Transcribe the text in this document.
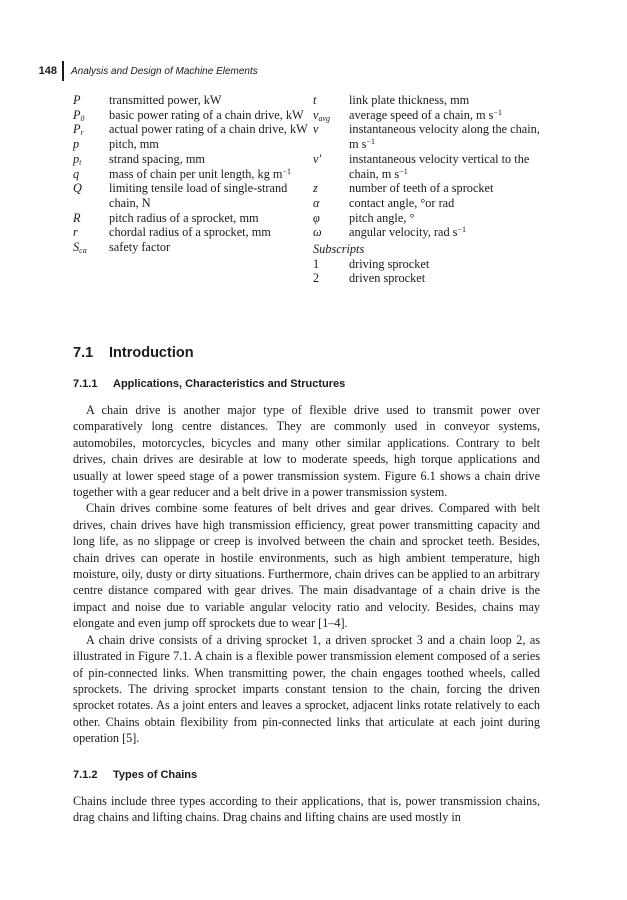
148	Analysis and Design of Machine Elements
P	transmitted power, kW
$P_0$	basic power rating of a chain drive, kW
$P_r$	actual power rating of a chain drive, kW
p	pitch, mm
$p_t$	strand spacing, mm
q	mass of chain per unit length, kg $m^{-1}$
Q	limiting tensile load of single-strand chain, N
R	pitch radius of a sprocket, mm
r	chordal radius of a sprocket, mm
$S_{ca}$	safety factor
t	link plate thickness, mm
$v_{avg}$	average speed of a chain, m $s^{-1}$
v	instantaneous velocity along the chain, m $s^{-1}$
v′	instantaneous velocity vertical to the chain, m $s^{-1}$
z	number of teeth of a sprocket
α	contact angle, °or rad
φ	pitch angle, °
ω	angular velocity, rad $s^{-1}$
Subscripts
1	driving sprocket
2	driven sprocket
7.1 Introduction
7.1.1 Applications, Characteristics and Structures

A chain drive is another major type of flexible drive used to transmit power over comparatively long centre distances. They are commonly used in conveyor systems, automobiles, motorcycles, bicycles and many other similar applications. Contrary to belt drives, chain drives are desirable at low to moderate speeds, high torque applications and usually at lower speed stage of a power transmission system. Figure 6.1 shows a chain drive together with a gear reducer and a belt drive in a power transmission system.

Chain drives combine some features of belt drives and gear drives. Compared with belt drives, chain drives have high transmission efficiency, great power transmitting capacity and long life, as no slippage or creep is involved between the chain and sprocket teeth. Besides, chain drives can operate in hostile environments, such as high ambient temperature, high moisture, oily, dusty or dirty situations. Furthermore, chain drives can be applied to an arbitrary centre distance compared with gear drives. The main disadvantage of a chain drive is the impact and noise due to variable angular velocity ratio and velocity. Besides, chains may elongate and even jump off sprockets due to wear [1–4].

A chain drive consists of a driving sprocket 1, a driven sprocket 3 and a chain loop 2, as illustrated in Figure 7.1. A chain is a flexible power transmission element composed of a series of pin-connected links. When transmitting power, the chain engages toothed wheels, called sprockets. The driving sprocket imparts constant tension to the chain, forcing the driven sprocket rotates. As a joint enters and leaves a sprocket, adjacent links rotate relatively to each other. Chains obtain flexibility from pin-connected links that articulate at each joint during operation [5].

7.1.2 Types of Chains

Chains include three types according to their applications, that is, power transmission chains, drag chains and lifting chains. Drag chains and lifting chains are used mostly in
